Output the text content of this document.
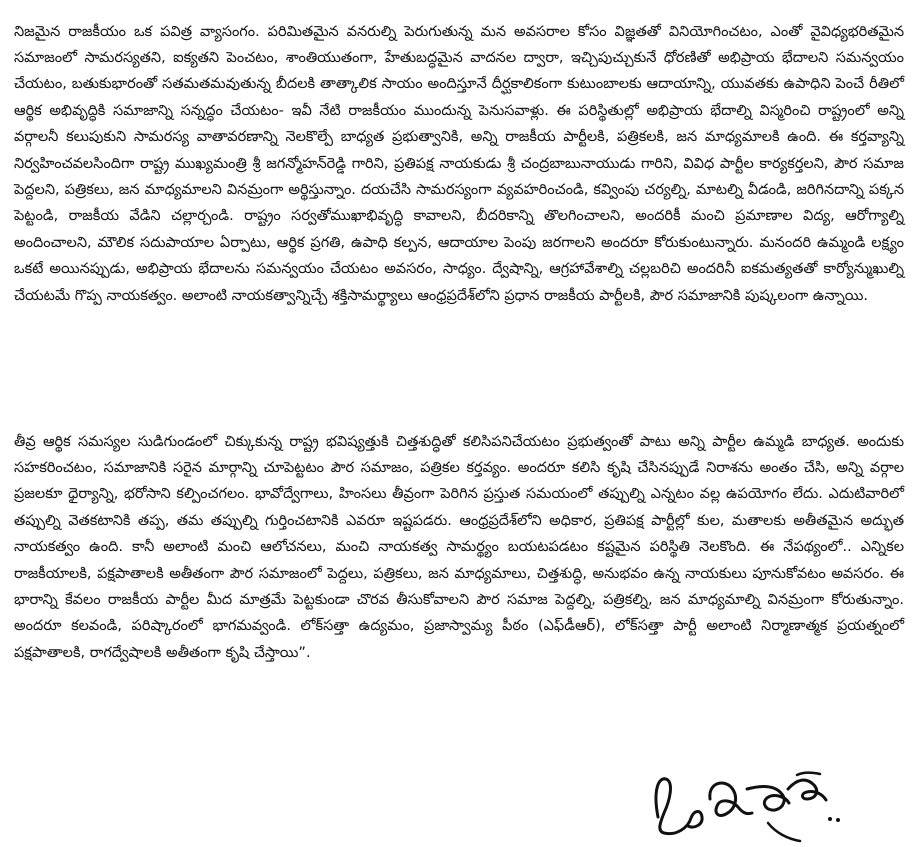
నిజమైన రాజకీయం ఒక పవిత్ర వ్యాసంగం. పరిమితమైన వనరుల్ని పెరుగుతున్న మన అవసరాల కోసం విజ్ఞతతో వినియోగించటం, ఎంతో వైవిధ్యభరితమైన సమాజంలో సామరస్యతని, ఐక్యతని పెంచటం, శాంతియుతంగా, హేతుబద్ధమైన వాదనల ద్వారా, ఇచ్చిపుచ్చుకునే ధోరణితో అభిప్రాయ భేదాలని సమన్వయం చేయటం, బతుకుభారంతో సతమతమవుతున్న బీదలకి తాత్కాలిక సాయం అందిస్తూనే దీర్ఘకాలికంగా కుటుంబాలకు ఆదాయాన్ని, యువతకు ఉపాధిని పెంచే రీతిలో ఆర్థిక అభివృద్ధికి సమాజాన్ని సన్నద్ధం చేయటం- ఇవీ నేటి రాజకీయం ముందున్న పెనుసవాళ్లు. ఈ పరిస్థితుల్లో అభిప్రాయ భేదాల్ని విస్మరించి రాష్ట్రంలో అన్ని వర్గాలనీ కలుపుకుని సామరస్య వాతావరణాన్ని నెలకొల్పే బాధ్యత ప్రభుత్వానికి, అన్ని రాజకీయ పార్టీలకి, పత్రికలకి, జన మాధ్యమాలకి ఉంది. ఈ కర్తవ్యాన్ని నిర్వహించవలసిందిగా రాష్ట్ర ముఖ్యమంత్రి శ్రీ జగన్మోహన్‌రెడ్డి గారిని, ప్రతిపక్ష నాయకుడు శ్రీ చంద్రబాబునాయుడు గారిని, వివిధ పార్టీల కార్యకర్తలని, పౌర సమాజ పెద్దలని, పత్రికలు, జన మాధ్యమాలని వినమ్రంగా అర్థిస్తున్నాం. దయచేసి సామరస్యంగా వ్యవహరించండి, కవ్వింపు చర్యల్ని, మాటల్ని వీడండి, జరిగినదాన్ని పక్కన పెట్టండి, రాజకీయ వేడిని చల్లార్చండి. రాష్ట్రం సర్వతోముఖాభివృద్ధి కావాలని, బీదరికాన్ని తొలగించాలని, అందరికీ మంచి ప్రమాణాల విద్య, ఆరోగ్యాల్ని అందించాలని, మౌలిక సదుపాయాల ఏర్పాటు, ఆర్థిక ప్రగతి, ఉపాధి కల్పన, ఆదాయాల పెంపు జరగాలని అందరూ కోరుకుంటున్నారు. మనందరి ఉమ్మండి లక్ష్యం ఒకటే అయినప్పుడు, అభిప్రాయ భేదాలను సమన్వయం చేయటం అవసరం, సాధ్యం. ద్వేషాన్ని, ఆగ్రహావేశాల్ని చల్లబరిచి అందరినీ ఐకమత్యతతో కార్యోన్ముఖుల్ని చేయటమే గొప్ప నాయకత్వం. అలాంటి నాయకత్వాన్నిచ్చే శక్తిసామర్థ్యాలు ఆంధ్రప్రదేశ్‌లోని ప్రధాన రాజకీయ పార్టీలకి, పౌర సమాజానికి పుష్కలంగా ఉన్నాయి.

తీవ్ర ఆర్థిక సమస్యల సుడిగుండంలో చిక్కుకున్న రాష్ట్ర భవిష్యత్తుకి చిత్తశుద్ధితో కలిసిపనిచేయటం ప్రభుత్వంతో పాటు అన్ని పార్టీల ఉమ్మడి బాధ్యత. అందుకు సహకరించటం, సమాజానికి సరైన మార్గాన్ని చూపెట్టటం పౌర సమాజం, పత్రికల కర్తవ్యం. అందరూ కలిసి కృషి చేసినప్పుడే నిరాశను అంతం చేసి, అన్ని వర్గాల ప్రజలకూ ధైర్యాన్ని, భరోసాని కల్పించగలం. భావోద్వేగాలు, హింసలు తీవ్రంగా పెరిగిన ప్రస్తుత సమయంలో తప్పుల్ని ఎన్నటం వల్ల ఉపయోగం లేదు. ఎదుటివారిలో తప్పుల్ని వెతకటానికి తప్ప, తమ తప్పుల్ని గుర్తించటానికి ఎవరూ ఇష్టపడరు. ఆంధ్రప్రదేశ్‌లోని అధికార, ప్రతిపక్ష పార్టీల్లో కుల, మతాలకు అతీతమైన అద్భుత నాయకత్వం ఉంది. కానీ అలాంటి మంచి ఆలోచనలు, మంచి నాయకత్వ సామర్థ్యం బయటపడటం కష్టమైన పరిస్థితి నెలకొంది. ఈ నేపథ్యంలో.. ఎన్నికల రాజకీయాలకి, పక్షపాతాలకి అతీతంగా పౌర సమాజంలో పెద్దలు, పత్రికలు, జన మాధ్యమాలు, చిత్తశుద్ధి, అనుభవం ఉన్న నాయకులు పూనుకోవటం అవసరం. ఈ భారాన్ని కేవలం రాజకీయ పార్టీల మీద మాత్రమే పెట్టకుండా చొరవ తీసుకోవాలని పౌర సమాజ పెద్దల్ని, పత్రికల్ని, జన మాధ్యమాల్ని వినమ్రంగా కోరుతున్నాం. అందరూ కలవండి, పరిష్కారంలో భాగమవ్వండి. లోక్‌సత్తా ఉద్యమం, ప్రజాస్వామ్య పీఠం (ఎఫ్‌డీఆర్), లోక్‌సత్తా పార్టీ అలాంటి నిర్మాణాత్మక ప్రయత్నంలో పక్షపాతాలకి, రాగద్వేషాలకి అతీతంగా కృషి చేస్తాయి”.
